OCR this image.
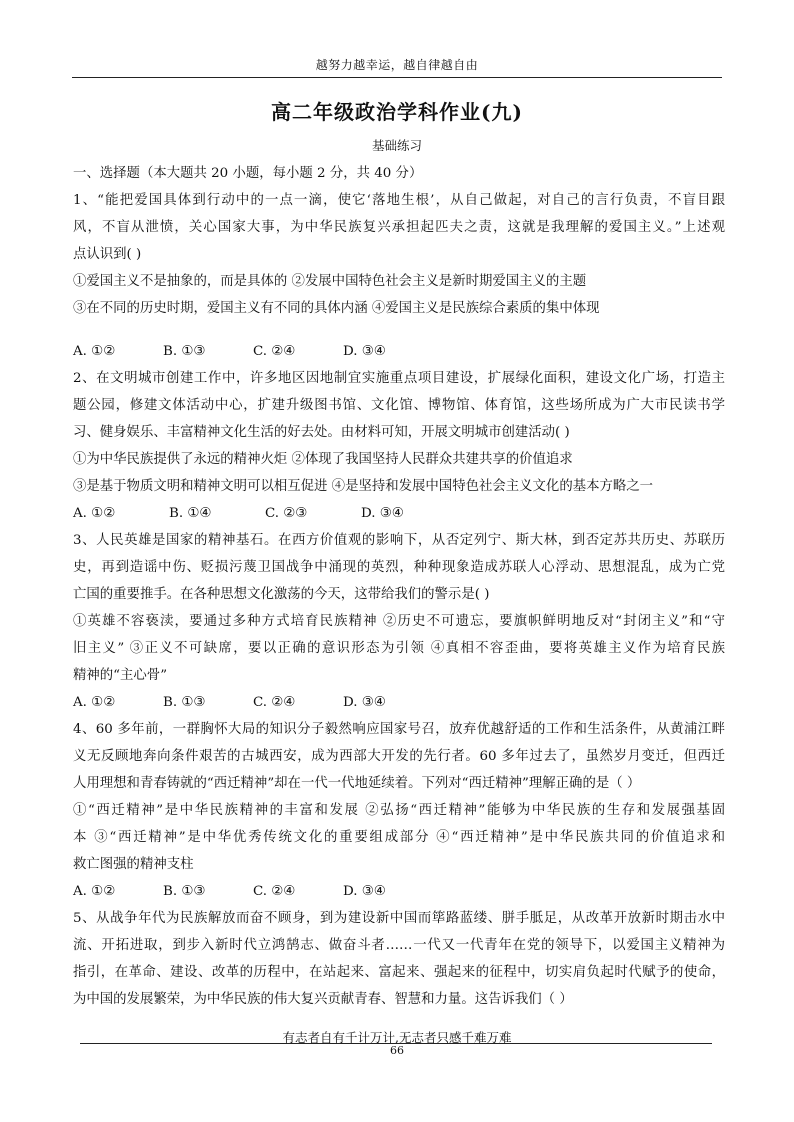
越努力越幸运，越自律越自由
高二年级政治学科作业(九)
基础练习
一、选择题（本大题共 20 小题，每小题 2 分，共 40 分）
1、“能把爱国具体到行动中的一点一滴，使它‘落地生根’，从自己做起，对自己的言行负责，不盲目跟
风，不盲从泄愤，关心国家大事，为中华民族复兴承担起匹夫之责，这就是我理解的爱国主义。”上述观
点认识到( )
①爱国主义不是抽象的，而是具体的 ②发展中国特色社会主义是新时期爱国主义的主题
③在不同的历史时期，爱国主义有不同的具体内涵 ④爱国主义是民族综合素质的集中体现
A. ①②	B. ①③	C. ②④	D. ③④
2、在文明城市创建工作中，许多地区因地制宜实施重点项目建设，扩展绿化面积，建设文化广场，打造主
题公园，修建文体活动中心，扩建升级图书馆、文化馆、博物馆、体育馆，这些场所成为广大市民读书学
习、健身娱乐、丰富精神文化生活的好去处。由材料可知，开展文明城市创建活动( )
①为中华民族提供了永远的精神火炬 ②体现了我国坚持人民群众共建共享的价值追求
③是基于物质文明和精神文明可以相互促进 ④是坚持和发展中国特色社会主义文化的基本方略之一
A. ①②	B. ①④	C. ②③	D. ③④
3、人民英雄是国家的精神基石。在西方价值观的影响下，从否定列宁、斯大林，到否定苏共历史、苏联历
史，再到造谣中伤、贬损污蔑卫国战争中涌现的英烈，种种现象造成苏联人心浮动、思想混乱，成为亡党
亡国的重要推手。在各种思想文化激荡的今天，这带给我们的警示是( )
①英雄不容亵渎，要通过多种方式培育民族精神 ②历史不可遗忘，要旗帜鲜明地反对“封闭主义”和“守
旧主义” ③正义不可缺席，要以正确的意识形态为引领 ④真相不容歪曲，要将英雄主义作为培育民族
精神的“主心骨”
A. ①②	B. ①③	C. ②④	D. ③④
4、60 多年前，一群胸怀大局的知识分子毅然响应国家号召，放弃优越舒适的工作和生活条件，从黄浦江畔
义无反顾地奔向条件艰苦的古城西安，成为西部大开发的先行者。60 多年过去了，虽然岁月变迁，但西迁
人用理想和青春铸就的“西迁精神”却在一代一代地延续着。下列对“西迁精神”理解正确的是（ ）
①“西迁精神”是中华民族精神的丰富和发展 ②弘扬“西迁精神”能够为中华民族的生存和发展强基固
本 ③“西迁精神”是中华优秀传统文化的重要组成部分 ④“西迁精神”是中华民族共同的价值追求和
救亡图强的精神支柱
A. ①②	B. ①③	C. ②④	D. ③④
5、从战争年代为民族解放而奋不顾身，到为建设新中国而筚路蓝缕、胼手胝足，从改革开放新时期击水中
流、开拓进取，到步入新时代立鸿鹄志、做奋斗者……一代又一代青年在党的领导下，以爱国主义精神为
指引，在革命、建设、改革的历程中，在站起来、富起来、强起来的征程中，切实肩负起时代赋予的使命，
为中国的发展繁荣，为中华民族的伟大复兴贡献青春、智慧和力量。这告诉我们（ ）
有志者自有千计万计,无志者只感千难万难
66
